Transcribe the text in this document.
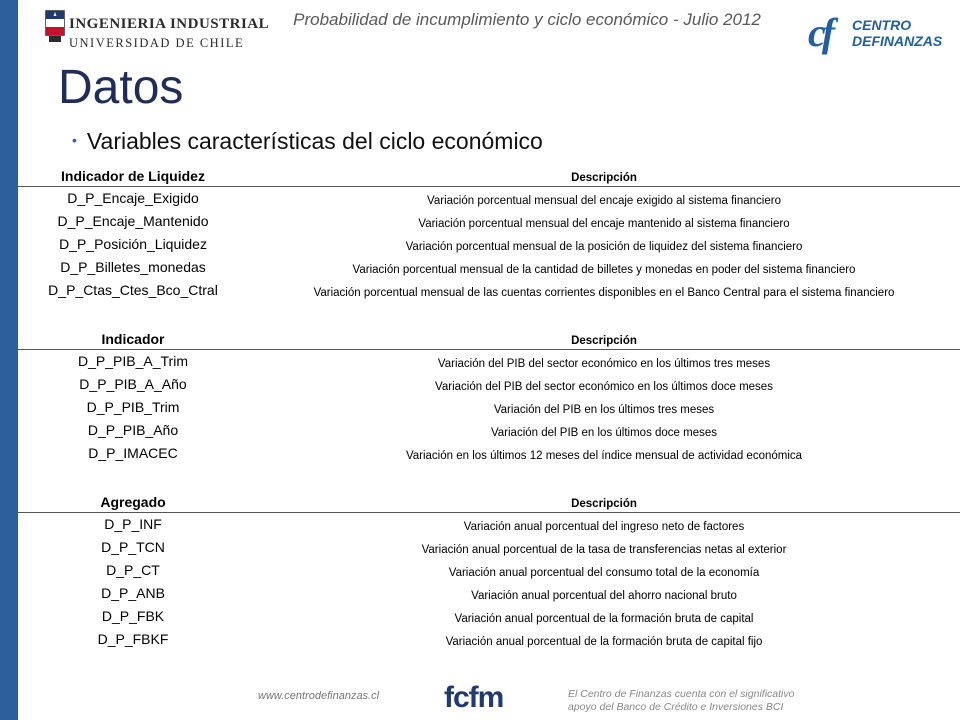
INGENIERIA INDUSTRIAL
UNIVERSIDAD DE CHILE
Probabilidad de incumplimiento y ciclo económico - Julio 2012	cf CENTRO
DEFINANZAS
Datos
• Variables características del ciclo económico
Indicador de Liquidez	Descripción
D_P_Encaje_Exigido	Variación porcentual mensual del encaje exigido al sistema financiero
D_P_Encaje_Mantenido	Variación porcentual mensual del encaje mantenido al sistema financiero
D_P_Posición_Liquidez	Variación porcentual mensual de la posición de liquidez del sistema financiero
D_P_Billetes_monedas	Variación porcentual mensual de la cantidad de billetes y monedas en poder del sistema financiero
D_P_Ctas_Ctes_Bco_Ctral	Variación porcentual mensual de las cuentas corrientes disponibles en el Banco Central para el sistema financiero
Indicador	Descripción
D_P_PIB_A_Trim	Variación del PIB del sector económico en los últimos tres meses
D_P_PIB_A_Año	Variación del PIB del sector económico en los últimos doce meses
D_P_PIB_Trim	Variación del PIB en los últimos tres meses
D_P_PIB_Año	Variación del PIB en los últimos doce meses
D_P_IMACEC	Variación en los últimos 12 meses del índice mensual de actividad económica
Agregado	Descripción
D_P_INF	Variación anual porcentual del ingreso neto de factores
D_P_TCN	Variación anual porcentual de la tasa de transferencias netas al exterior
D_P_CT	Variación anual porcentual del consumo total de la economía
D_P_ANB	Variación anual porcentual del ahorro nacional bruto
D_P_FBK	Variación anual porcentual de la formación bruta de capital
D_P_FBKF	Variación anual porcentual de la formación bruta de capital fijo
www.centrodefinanzas.cl fcfm	El Centro de Finanzas cuenta con el significativo
apoyo del Banco de Crédito e Inversiones BCI
